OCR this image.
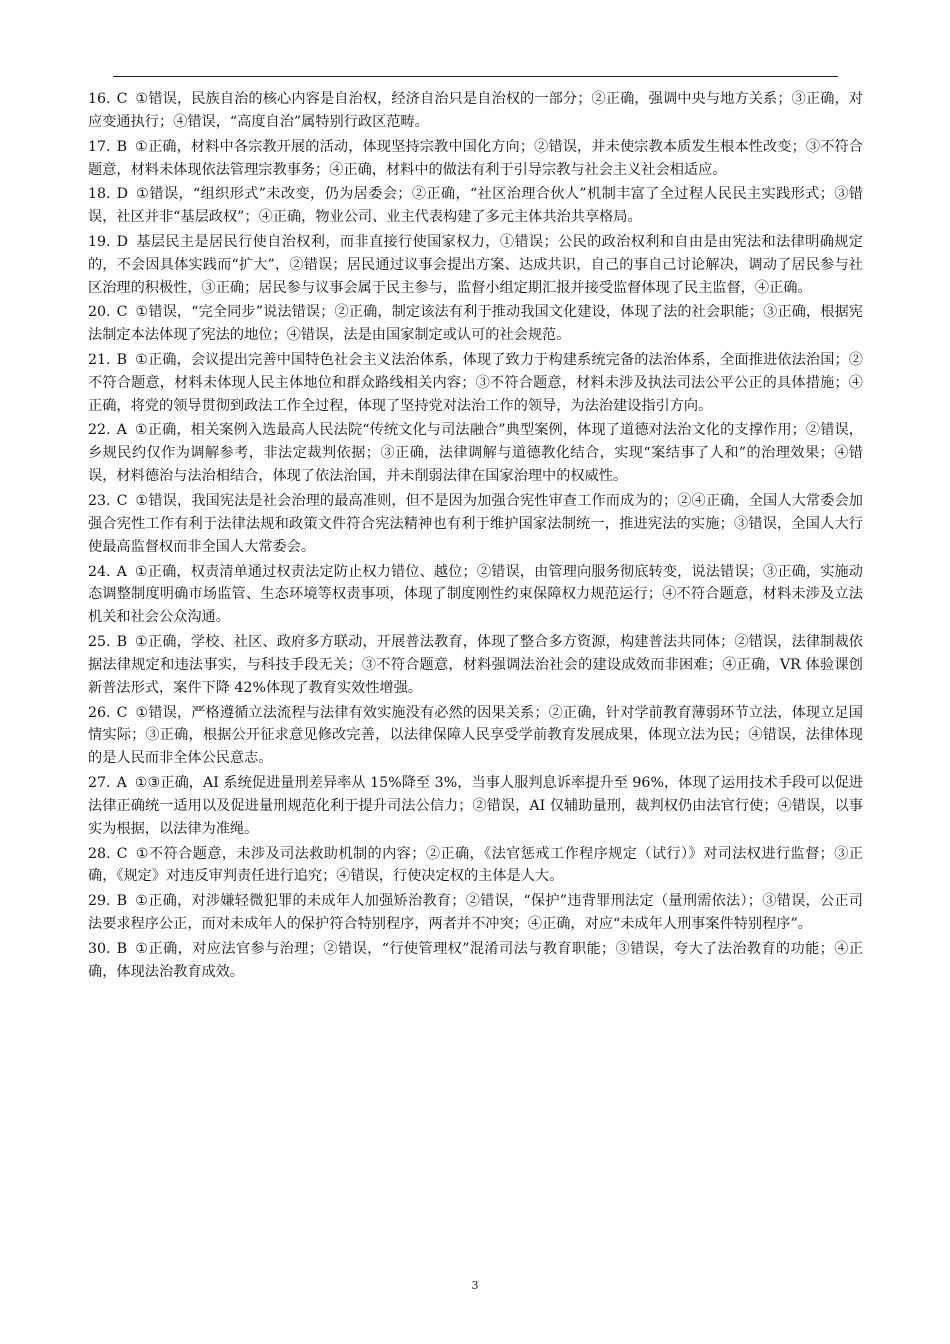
16. C ①错误，民族自治的核心内容是自治权，经济自治只是自治权的一部分；②正确，强调中央与地方关系；③正确，对应变通执行；④错误，“高度自治”属特别行政区范畴。

17. B ①正确，材料中各宗教开展的活动，体现坚持宗教中国化方向；②错误，并未使宗教本质发生根本性改变；③不符合题意，材料未体现依法管理宗教事务；④正确，材料中的做法有利于引导宗教与社会主义社会相适应。

18. D ①错误，“组织形式”未改变，仍为居委会；②正确，“社区治理合伙人”机制丰富了全过程人民民主实践形式；③错误，社区并非“基层政权”；④正确，物业公司、业主代表构建了多元主体共治共享格局。

19. D 基层民主是居民行使自治权利，而非直接行使国家权力，①错误；公民的政治权利和自由是由宪法和法律明确规定的，不会因具体实践而“扩大”，②错误；居民通过议事会提出方案、达成共识，自己的事自己讨论解决，调动了居民参与社区治理的积极性，③正确；居民参与议事会属于民主参与，监督小组定期汇报并接受监督体现了民主监督，④正确。

20. C ①错误，“完全同步”说法错误；②正确，制定该法有利于推动我国文化建设，体现了法的社会职能；③正确，根据宪法制定本法体现了宪法的地位；④错误，法是由国家制定或认可的社会规范。

21. B ①正确，会议提出完善中国特色社会主义法治体系，体现了致力于构建系统完备的法治体系，全面推进依法治国；②不符合题意，材料未体现人民主体地位和群众路线相关内容；③不符合题意，材料未涉及执法司法公平公正的具体措施；④正确，将党的领导贯彻到政法工作全过程，体现了坚持党对法治工作的领导，为法治建设指引方向。

22. A ①正确，相关案例入选最高人民法院“传统文化与司法融合”典型案例，体现了道德对法治文化的支撑作用；②错误，乡规民约仅作为调解参考，非法定裁判依据；③正确，法律调解与道德教化结合，实现“案结事了人和”的治理效果；④错误，材料德治与法治相结合，体现了依法治国，并未削弱法律在国家治理中的权威性。

23. C ①错误，我国宪法是社会治理的最高准则，但不是因为加强合宪性审查工作而成为的；②④正确，全国人大常委会加强合宪性工作有利于法律法规和政策文件符合宪法精神也有利于维护国家法制统一，推进宪法的实施；③错误，全国人大行使最高监督权而非全国人大常委会。

24. A ①正确，权责清单通过权责法定防止权力错位、越位；②错误，由管理向服务彻底转变，说法错误；③正确，实施动态调整制度明确市场监管、生态环境等权责事项，体现了制度刚性约束保障权力规范运行；④不符合题意，材料未涉及立法机关和社会公众沟通。

25. B ①正确，学校、社区、政府多方联动，开展普法教育，体现了整合多方资源，构建普法共同体；②错误，法律制裁依据法律规定和违法事实，与科技手段无关；③不符合题意，材料强调法治社会的建设成效而非困难；④正确，VR 体验课创新普法形式，案件下降 42%体现了教育实效性增强。

26. C ①错误，严格遵循立法流程与法律有效实施没有必然的因果关系；②正确，针对学前教育薄弱环节立法，体现立足国情实际；③正确，根据公开征求意见修改完善，以法律保障人民享受学前教育发展成果，体现立法为民；④错误，法律体现的是人民而非全体公民意志。

27. A ①③正确，AI 系统促进量刑差异率从 15%降至 3%，当事人服判息诉率提升至 96%，体现了运用技术手段可以促进法律正确统一适用以及促进量刑规范化利于提升司法公信力；②错误，AI 仅辅助量刑，裁判权仍由法官行使；④错误，以事实为根据，以法律为准绳。

28. C ①不符合题意，未涉及司法救助机制的内容；②正确，《法官惩戒工作程序规定（试行）》对司法权进行监督；③正确，《规定》对违反审判责任进行追究；④错误，行使决定权的主体是人大。

29. B ①正确，对涉嫌轻微犯罪的未成年人加强矫治教育；②错误，“保护”违背罪刑法定（量刑需依法）；③错误，公正司法要求程序公正，而对未成年人的保护符合特别程序，两者并不冲突；④正确，对应“未成年人刑事案件特别程序”。

30. B ①正确，对应法官参与治理；②错误，“行使管理权”混淆司法与教育职能；③错误，夸大了法治教育的功能；④正确，体现法治教育成效。

3
